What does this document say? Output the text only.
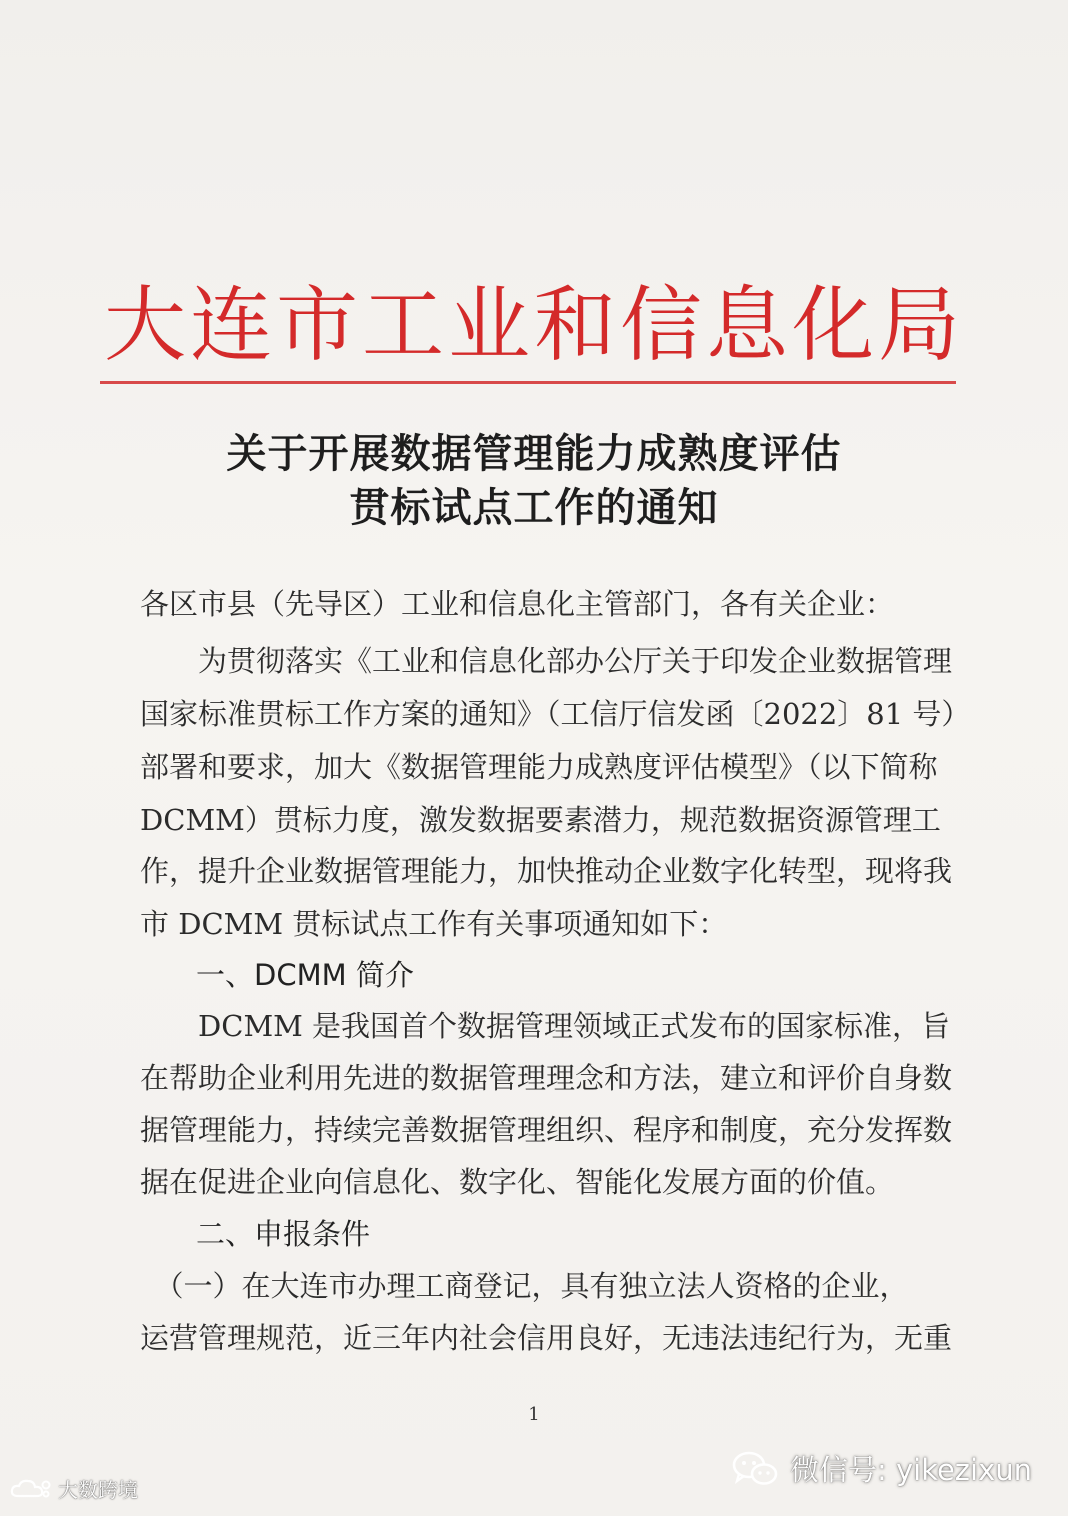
大连市工业和信息化局
关于开展数据管理能力成熟度评估
贯标试点工作的通知
各区市县（先导区）工业和信息化主管部门，各有关企业：
　　为贯彻落实《工业和信息化部办公厅关于印发企业数据管理
国家标准贯标工作方案的通知》（工信厅信发函〔2022〕81 号）
部署和要求，加大《数据管理能力成熟度评估模型》（以下简称
DCMM）贯标力度，激发数据要素潜力，规范数据资源管理工
作，提升企业数据管理能力，加快推动企业数字化转型，现将我
市 DCMM 贯标试点工作有关事项通知如下：
一、DCMM 简介
　　DCMM 是我国首个数据管理领域正式发布的国家标准，旨
在帮助企业利用先进的数据管理理念和方法，建立和评价自身数
据管理能力，持续完善数据管理组织、程序和制度，充分发挥数
据在促进企业向信息化、数字化、智能化发展方面的价值。
二、申报条件
　（一）在大连市办理工商登记，具有独立法人资格的企业，
运营管理规范，近三年内社会信用良好，无违法违纪行为，无重
1
大数跨境
微信号: yikezixun
